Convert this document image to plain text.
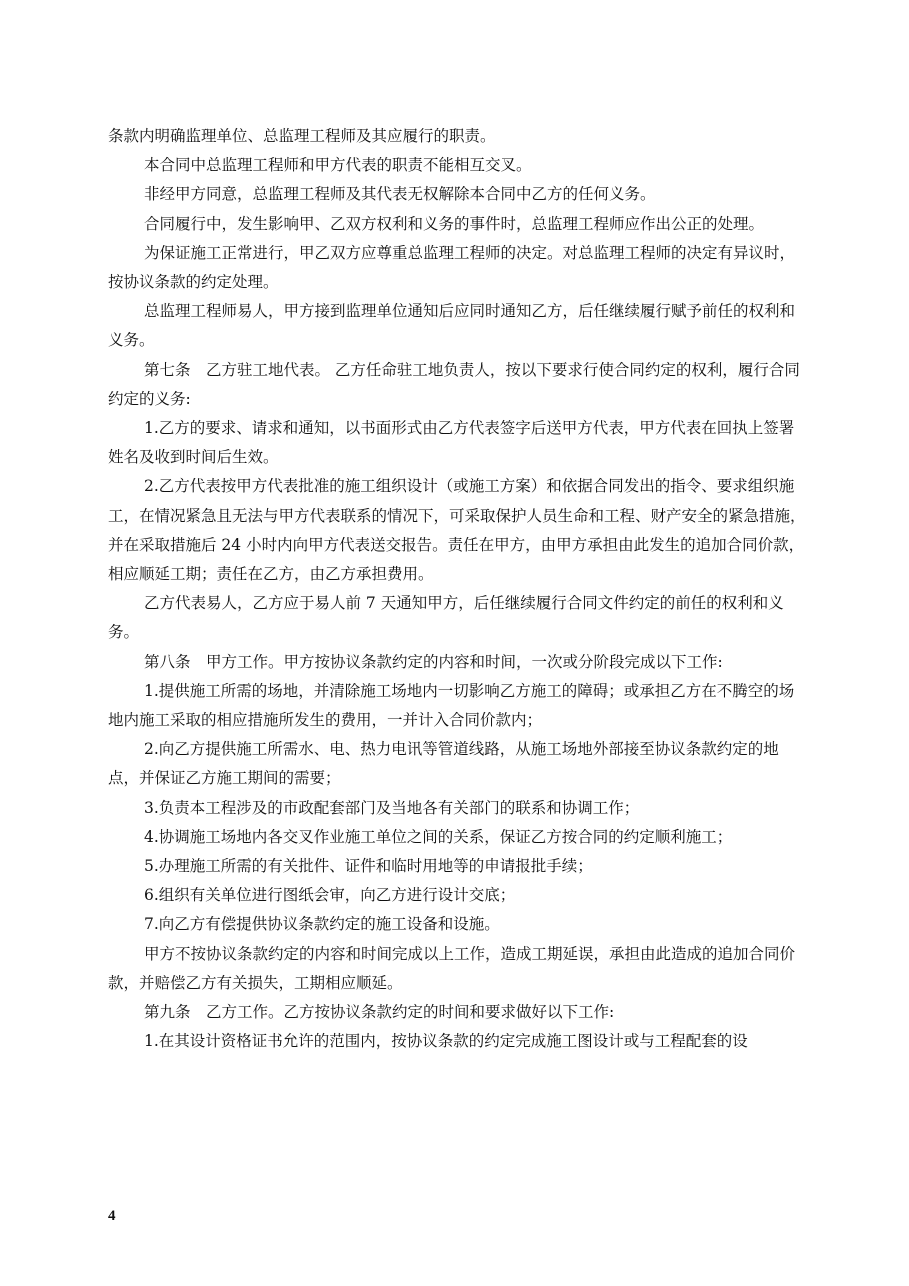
条款内明确监理单位、总监理工程师及其应履行的职责。

本合同中总监理工程师和甲方代表的职责不能相互交叉。

非经甲方同意，总监理工程师及其代表无权解除本合同中乙方的任何义务。

合同履行中，发生影响甲、乙双方权利和义务的事件时，总监理工程师应作出公正的处理。

为保证施工正常进行，甲乙双方应尊重总监理工程师的决定。对总监理工程师的决定有异议时，按协议条款的约定处理。

总监理工程师易人，甲方接到监理单位通知后应同时通知乙方，后任继续履行赋予前任的权利和义务。

第七条　乙方驻工地代表。 乙方任命驻工地负责人，按以下要求行使合同约定的权利，履行合同约定的义务:

1.乙方的要求、请求和通知，以书面形式由乙方代表签字后送甲方代表，甲方代表在回执上签署姓名及收到时间后生效。

2.乙方代表按甲方代表批准的施工组织设计（或施工方案）和依据合同发出的指令、要求组织施工，在情况紧急且无法与甲方代表联系的情况下，可采取保护人员生命和工程、财产安全的紧急措施，并在采取措施后 24 小时内向甲方代表送交报告。责任在甲方，由甲方承担由此发生的追加合同价款，相应顺延工期；责任在乙方，由乙方承担费用。

乙方代表易人，乙方应于易人前 7 天通知甲方，后任继续履行合同文件约定的前任的权利和义务。

第八条　甲方工作。甲方按协议条款约定的内容和时间，一次或分阶段完成以下工作:

1.提供施工所需的场地，并清除施工场地内一切影响乙方施工的障碍；或承担乙方在不腾空的场地内施工采取的相应措施所发生的费用，一并计入合同价款内；

2.向乙方提供施工所需水、电、热力电讯等管道线路，从施工场地外部接至协议条款约定的地点，并保证乙方施工期间的需要；

3.负责本工程涉及的市政配套部门及当地各有关部门的联系和协调工作；

4.协调施工场地内各交叉作业施工单位之间的关系，保证乙方按合同的约定顺利施工；

5.办理施工所需的有关批件、证件和临时用地等的申请报批手续；

6.组织有关单位进行图纸会审，向乙方进行设计交底；

7.向乙方有偿提供协议条款约定的施工设备和设施。

甲方不按协议条款约定的内容和时间完成以上工作，造成工期延误，承担由此造成的追加合同价款，并赔偿乙方有关损失，工期相应顺延。

第九条　乙方工作。乙方按协议条款约定的时间和要求做好以下工作:

1.在其设计资格证书允许的范围内，按协议条款的约定完成施工图设计或与工程配套的设

4
